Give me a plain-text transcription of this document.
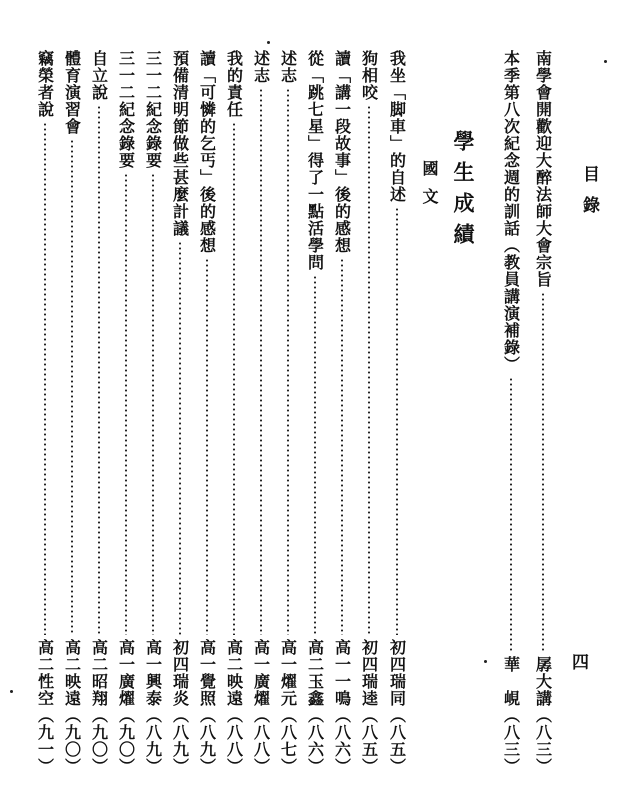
目錄
四
南學會開歡迎大醉法師大會宗旨
孱大講（八三）
本季第八次紀念週的訓話（教員講演補錄）
華　峴（八三）
學生成績
國文
我坐「脚車」的自述
初四瑞同（八五）
狗相咬
初四瑞逵（八五）
讀「講一段故事」後的感想
高一一鳴（八六）
從「跳七星」得了一點活學問
高二玉鑫（八六）
述志
高一燿元（八七）
述志
高一廣燿（八八）
我的責任
高二映遠（八八）
讀「可憐的乞丐」後的感想
高一覺照（八九）
預備清明節做些甚麼計議
初四瑞炎（八九）
三一二紀念錄要
高一興泰（八九）
三一二紀念錄要
高一廣燿（九〇）
自立說
高二昭翔（九〇）
體育演習會
高二映遠（九〇）
竊榮者說
高二性空（九一）
